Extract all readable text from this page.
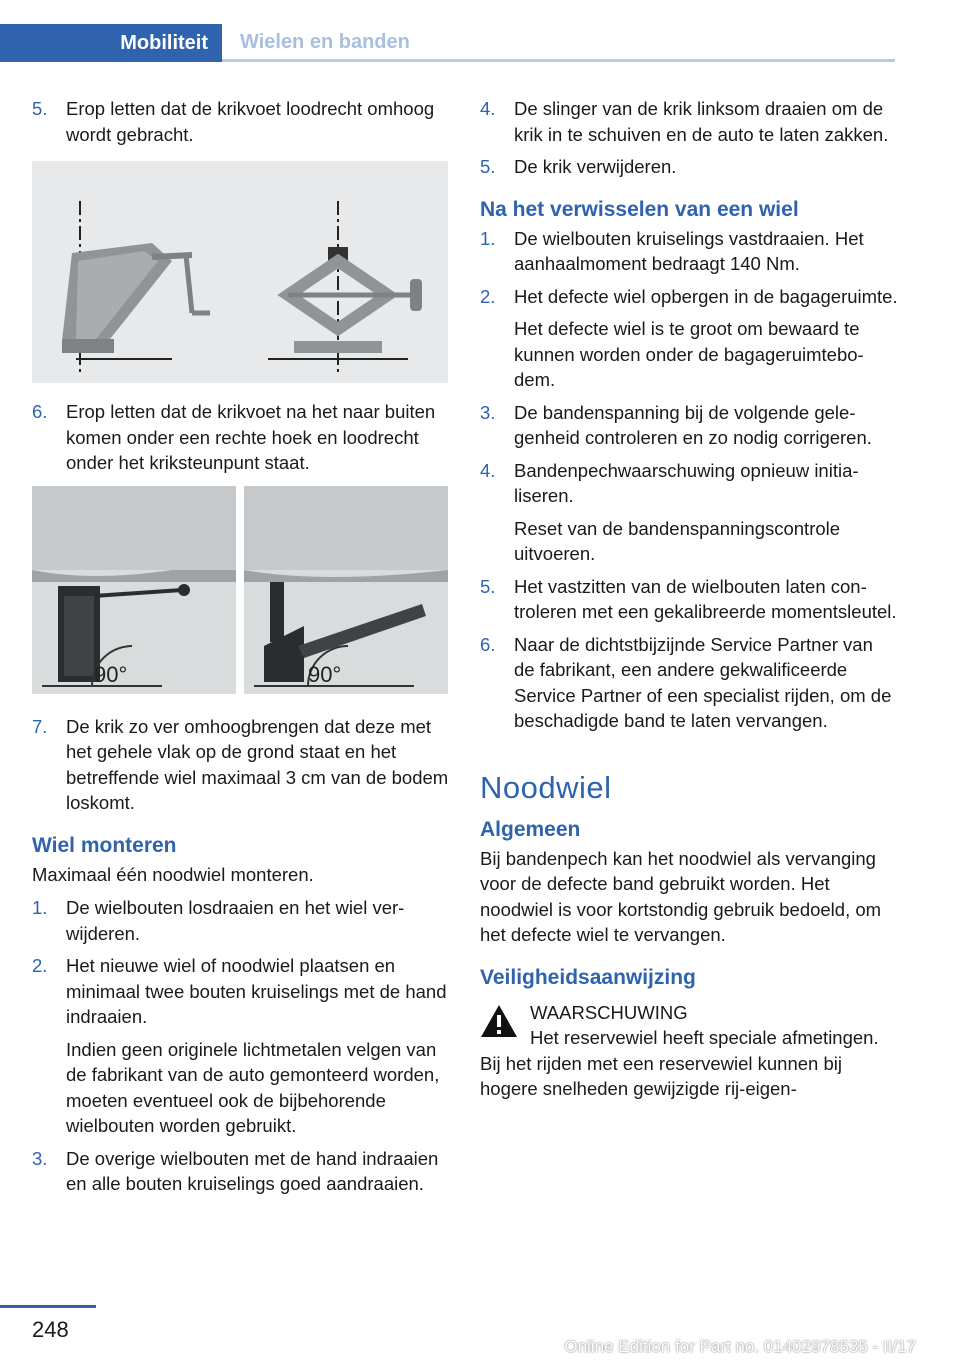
Mobiliteit	Wielen en banden
5. Erop letten dat de krikvoet loodrecht omhoog wordt gebracht.

6. Erop letten dat de krikvoet na het naar buiten komen onder een rechte hoek en loodrecht onder het kriksteunpunt staat.

90°	90°
7. De krik zo ver omhoogbrengen dat deze met het gehele vlak op de grond staat en het betreffende wiel maximaal 3 cm van de bodem loskomt.

Wiel monteren
Maximaal één noodwiel monteren.
1. De wielbouten losdraaien en het wiel verwijderen.

2. Het nieuwe wiel of noodwiel plaatsen en minimaal twee bouten kruiselings met de hand indraaien.

Indien geen originele lichtmetalen velgen van de fabrikant van de auto gemonteerd worden, moeten eventueel ook de bijbehorende wielbouten worden gebruikt.

3. De overige wielbouten met de hand indraaien en alle bouten kruiselings goed aandraaien.

4. De slinger van de krik linksom draaien om de krik in te schuiven en de auto te laten zakken.

5. De krik verwijderen.

Na het verwisselen van een wiel
1. De wielbouten kruiselings vastdraaien. Het aanhaalmoment bedraagt 140 Nm.

2. Het defecte wiel opbergen in de bagageruimte.

Het defecte wiel is te groot om bewaard te kunnen worden onder de bagageruimtebodem.

3. De bandenspanning bij de volgende gelegenheid controleren en zo nodig corrigeren.

4. Bandenpechwaarschuwing opnieuw initialiseren.

Reset van de bandenspanningscontrole uitvoeren.

5. Het vastzitten van de wielbouten laten controleren met een gekalibreerde momentsleutel.

6. Naar de dichtstbijzijnde Service Partner van de fabrikant, een andere gekwalificeerde Service Partner of een specialist rijden, om de beschadigde band te laten vervangen.

Noodwiel
Algemeen
Bij bandenpech kan het noodwiel als vervanging voor de defecte band gebruikt worden. Het noodwiel is voor kortstondig gebruik bedoeld, om het defecte wiel te vervangen.
Veiligheidsaanwijzing
WAARSCHUWING
Het reservewiel heeft speciale afmetingen. Bij het rijden met een reservewiel kunnen bij hogere snelheden gewijzigde rij-eigen-
248
Online Edition for Part no. 01402978535 - II/17
